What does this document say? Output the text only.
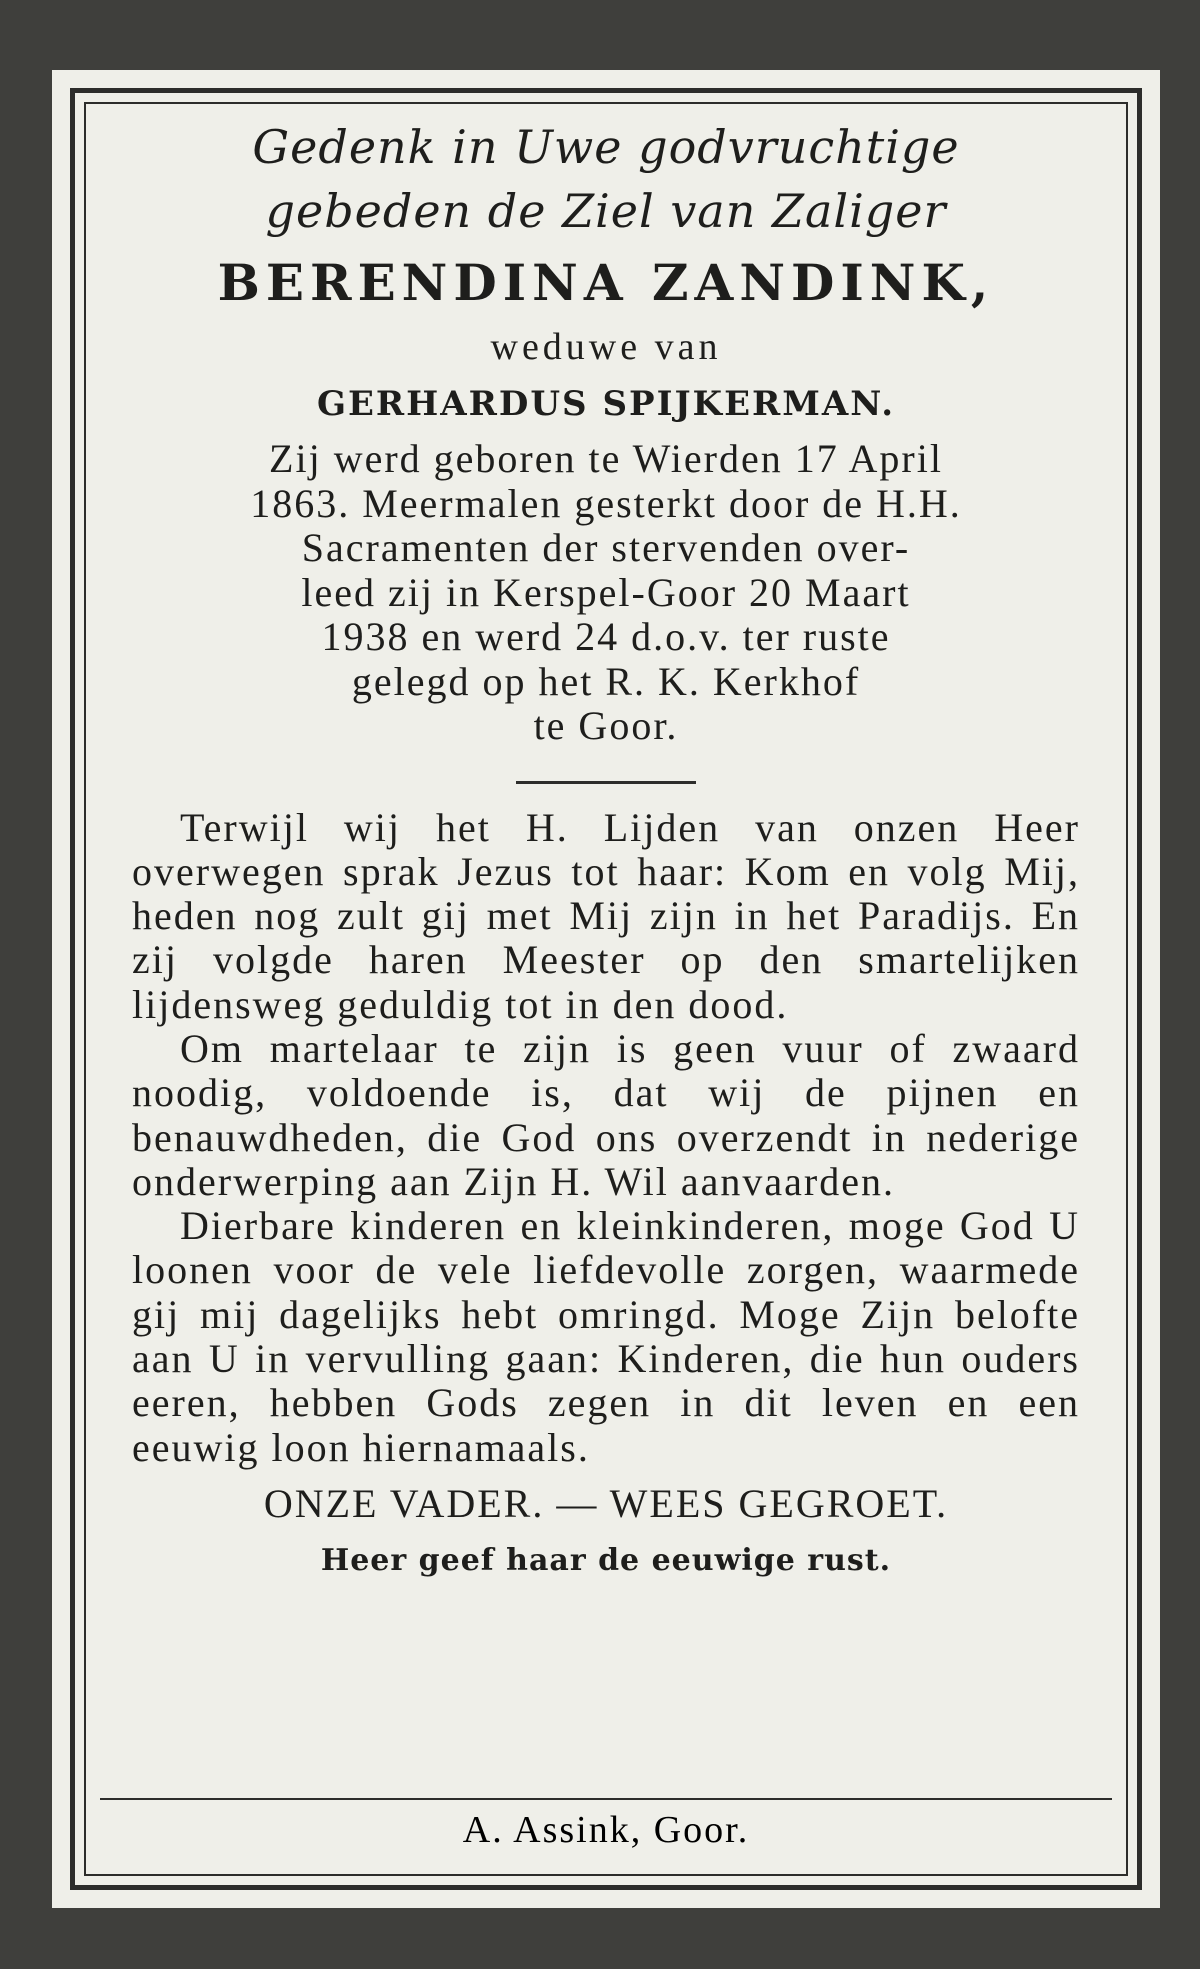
Gedenk in Uwe godvruchtige
gebeden de Ziel van Zaliger
BERENDINA ZANDINK,
weduwe van
GERHARDUS SPIJKERMAN.
Zij werd geboren te Wierden 17 April
1863. Meermalen gesterkt door de H.H.
Sacramenten der stervenden over-
leed zij in Kerspel-Goor 20 Maart
1938 en werd 24 d.o.v. ter ruste
gelegd op het R. K. Kerkhof
te Goor.

Terwijl wij het H. Lijden van onzen Heer overwegen sprak Jezus tot haar: Kom en volg Mij, heden nog zult gij met Mij zijn in het Paradijs. En zij volgde haren Meester op den smartelijken lijdensweg geduldig tot in den dood.

Om martelaar te zijn is geen vuur of zwaard noodig, voldoende is, dat wij de pijnen en benauwdheden, die God ons overzendt in nederige onderwerping aan Zijn H. Wil aanvaarden.

Dierbare kinderen en kleinkinderen, moge God U loonen voor de vele liefdevolle zorgen, waarmede gij mij dagelijks hebt omringd. Moge Zijn belofte aan U in vervulling gaan: Kinderen, die hun ouders eeren, hebben Gods zegen in dit leven en een eeuwig loon hiernamaals.

ONZE VADER. — WEES GEGROET.
Heer geef haar de eeuwige rust.
A. Assink, Goor.
